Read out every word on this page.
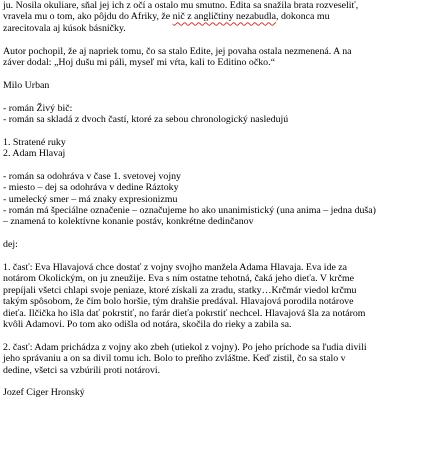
ju. Nosila okuliare, sňal jej ich z očí a ostalo mu smutno. Edita sa snažila brata rozveseliť,
vravela mu o tom, ako pôjdu do Afriky, že nič z angličtiny nezabudla, dokonca mu
zarecitovala aj kúsok básničky.
Autor pochopil, že aj napriek tomu, čo sa stalo Edite, jej povaha ostala nezmenená. A na
záver dodal: „Hoj dušu mi páli, myseľ mi vŕta, kali to Editino očko.“
Milo Urban
- román Živý bič:
- román sa skladá z dvoch častí, ktoré za sebou chronologický nasledujú
1. Stratené ruky
2. Adam Hlavaj
- román sa odohráva v čase 1. svetovej vojny
- miesto – dej sa odohráva v dedine Ráztoky
- umelecký smer – má znaky expresionizmu
- román má špeciálne označenie – označujeme ho ako unanimistický (una anima – jedna duša)
– znamená to kolektívne konanie postáv, konkrétne dedinčanov
dej:
1. časť: Eva Hlavajová chce dostať z vojny svojho manžela Adama Hlavaja. Eva ide za
notárom Okolickým, on ju zneužije. Eva s ním ostatne tehotná, čaká jeho dieťa. V krčme
prepíjali všetci chlapi svoje peniaze, ktoré získali za zradu, statky…Krčmár viedol krčmu
takým spôsobom, že čím bolo horšie, tým drahšie predával. Hlavajová porodila notárove
dieťa. Ilčička ho išla dať pokrstiť, no farár dieťa pokrstiť nechcel. Hlavajová šla za notárom
kvôli Adamovi. Po tom ako odišla od notára, skočila do rieky a zabila sa.
2. časť: Adam prichádza z vojny ako zbeh (utiekol z vojny). Po jeho príchode sa ľudia divili
jeho správaniu a on sa divil tomu ich. Bolo to preňho zvláštne. Keď zistil, čo sa stalo v
dedine, všetci sa vzbúrili proti notárovi.
Jozef Ciger Hronský
